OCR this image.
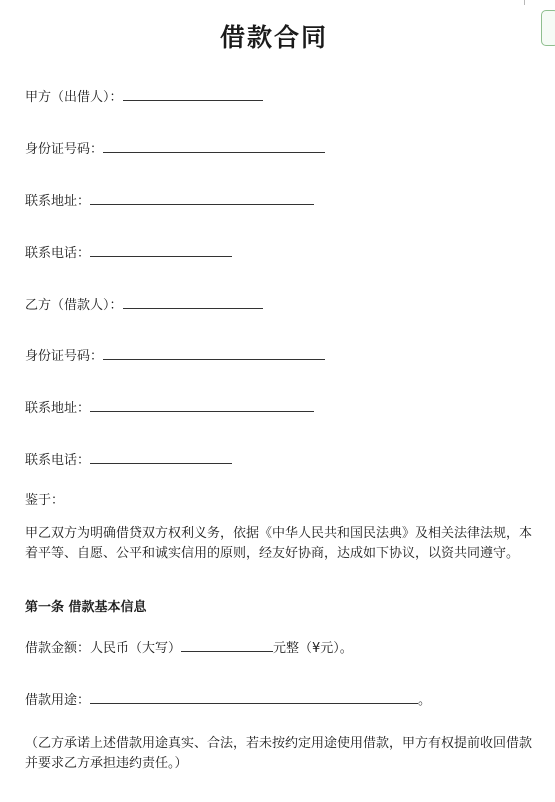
借款合同
甲方（出借人）：
身份证号码：
联系地址：
联系电话：
乙方（借款人）：
身份证号码：
联系地址：
联系电话：
鉴于：
甲乙双方为明确借贷双方权利义务，依据《中华人民共和国民法典》及相关法律法规，本着平等、自愿、公平和诚实信用的原则，经友好协商，达成如下协议，以资共同遵守。
第一条 借款基本信息
借款金额：人民币（大写）	元整（¥元）。
借款用途：	。
（乙方承诺上述借款用途真实、合法，若未按约定用途使用借款，甲方有权提前收回借款并要求乙方承担违约责任。）
